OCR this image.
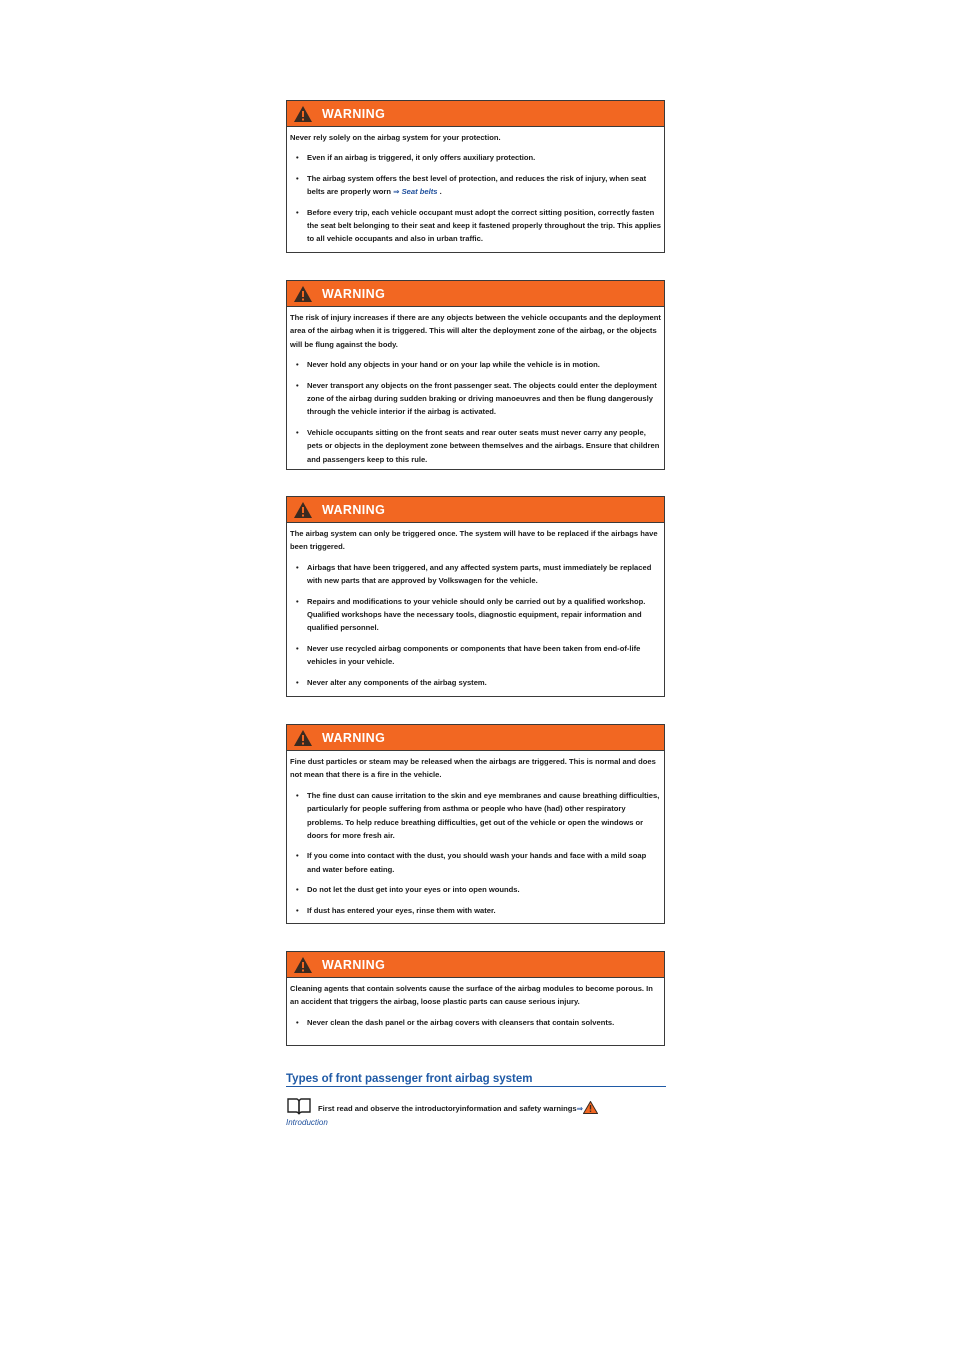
WARNING

Never rely solely on the airbag system for your protection.

• Even if an airbag is triggered, it only offers auxiliary protection.
• The airbag system offers the best level of protection, and reduces the risk of injury, when seat belts are properly worn ⇒ Seat belts .
• Before every trip, each vehicle occupant must adopt the correct sitting position, correctly fasten the seat belt belonging to their seat and keep it fastened properly throughout the trip. This applies to all vehicle occupants and also in urban traffic.
WARNING

The risk of injury increases if there are any objects between the vehicle occupants and the deployment area of the airbag when it is triggered. This will alter the deployment zone of the airbag, or the objects will be flung against the body.

• Never hold any objects in your hand or on your lap while the vehicle is in motion.
• Never transport any objects on the front passenger seat. The objects could enter the deployment zone of the airbag during sudden braking or driving manoeuvres and then be flung dangerously through the vehicle interior if the airbag is activated.
• Vehicle occupants sitting on the front seats and rear outer seats must never carry any people, pets or objects in the deployment zone between themselves and the airbags. Ensure that children and passengers keep to this rule.
WARNING

The airbag system can only be triggered once. The system will have to be replaced if the airbags have been triggered.

• Airbags that have been triggered, and any affected system parts, must immediately be replaced with new parts that are approved by Volkswagen for the vehicle.
• Repairs and modifications to your vehicle should only be carried out by a qualified workshop. Qualified workshops have the necessary tools, diagnostic equipment, repair information and qualified personnel.
• Never use recycled airbag components or components that have been taken from end-of-life vehicles in your vehicle.
• Never alter any components of the airbag system.
WARNING

Fine dust particles or steam may be released when the airbags are triggered. This is normal and does not mean that there is a fire in the vehicle.

• The fine dust can cause irritation to the skin and eye membranes and cause breathing difficulties, particularly for people suffering from asthma or people who have (had) other respiratory problems. To help reduce breathing difficulties, get out of the vehicle or open the windows or doors for more fresh air.
• If you come into contact with the dust, you should wash your hands and face with a mild soap and water before eating.
• Do not let the dust get into your eyes or into open wounds.
• If dust has entered your eyes, rinse them with water.
WARNING

Cleaning agents that contain solvents cause the surface of the airbag modules to become porous. In an accident that triggers the airbag, loose plastic parts can cause serious injury.

• Never clean the dash panel or the airbag covers with cleansers that contain solvents.
Types of front passenger front airbag system
First read and observe the introductoryinformation and safety warnings⇒
Introduction
